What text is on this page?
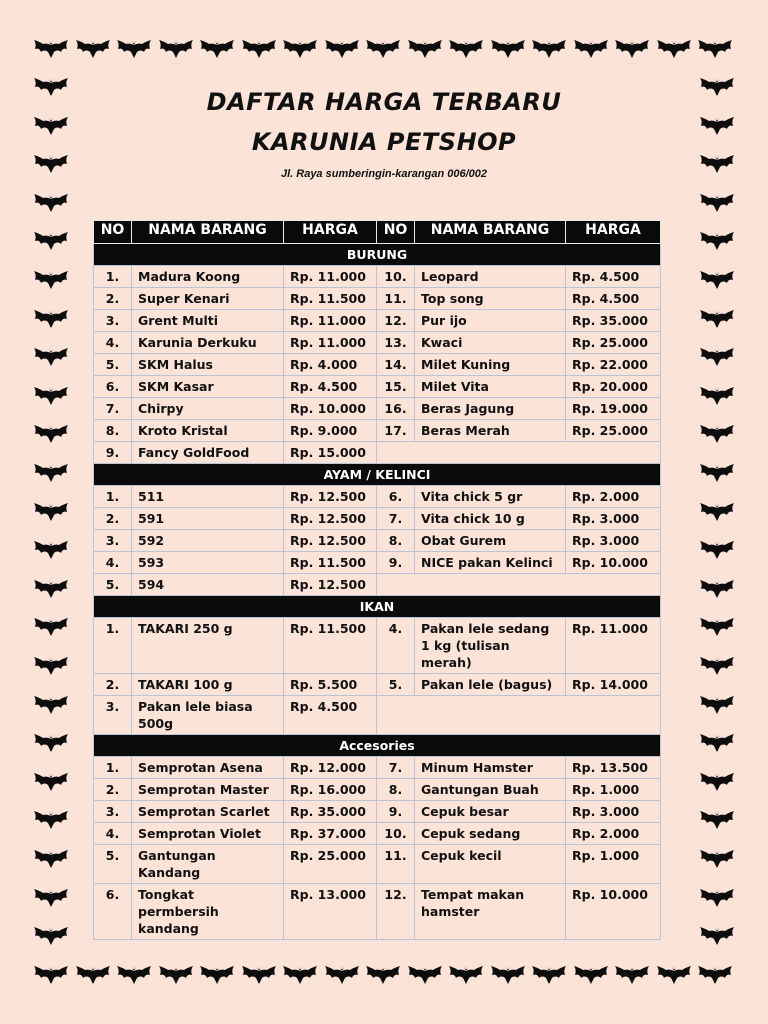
DAFTAR HARGA TERBARU
KARUNIA PETSHOP
Jl. Raya sumberingin-karangan 006/002
NO	NAMA BARANG	HARGA	NO	NAMA BARANG	HARGA
BURUNG					
1.	Madura Koong	Rp. 11.000	10.	Leopard	Rp. 4.500
2.	Super Kenari	Rp. 11.500	11.	Top song	Rp. 4.500
3.	Grent Multi	Rp. 11.000	12.	Pur ijo	Rp. 35.000
4.	Karunia Derkuku	Rp. 11.000	13.	Kwaci	Rp. 25.000
5.	SKM Halus	Rp. 4.000	14.	Milet Kuning	Rp. 22.000
6.	SKM Kasar	Rp. 4.500	15.	Milet Vita	Rp. 20.000
7.	Chirpy	Rp. 10.000	16.	Beras Jagung	Rp. 19.000
8.	Kroto Kristal	Rp. 9.000	17.	Beras Merah	Rp. 25.000
9.	Fancy GoldFood	Rp. 15.000			
AYAM / KELINCI					
1.	511	Rp. 12.500	6.	Vita chick 5 gr	Rp. 2.000
2.	591	Rp. 12.500	7.	Vita chick 10 g	Rp. 3.000
3.	592	Rp. 12.500	8.	Obat Gurem	Rp. 3.000
4.	593	Rp. 11.500	9.	NICE pakan Kelinci	Rp. 10.000
5.	594	Rp. 12.500			
IKAN					
1.	TAKARI 250 g	Rp. 11.500	4.	Pakan lele sedang 1 kg (tulisan merah)	Rp. 11.000
2.	TAKARI 100 g	Rp. 5.500	5.	Pakan lele (bagus)	Rp. 14.000
3.	Pakan lele biasa 500g	Rp. 4.500			
Accesories					
1.	Semprotan Asena	Rp. 12.000	7.	Minum Hamster	Rp. 13.500
2.	Semprotan Master	Rp. 16.000	8.	Gantungan Buah	Rp. 1.000
3.	Semprotan Scarlet	Rp. 35.000	9.	Cepuk besar	Rp. 3.000
4.	Semprotan Violet	Rp. 37.000	10.	Cepuk sedang	Rp. 2.000
5.	Gantungan Kandang	Rp. 25.000	11.	Cepuk kecil	Rp. 1.000
6.	Tongkat permbersih kandang	Rp. 13.000	12.	Tempat makan hamster	Rp. 10.000
